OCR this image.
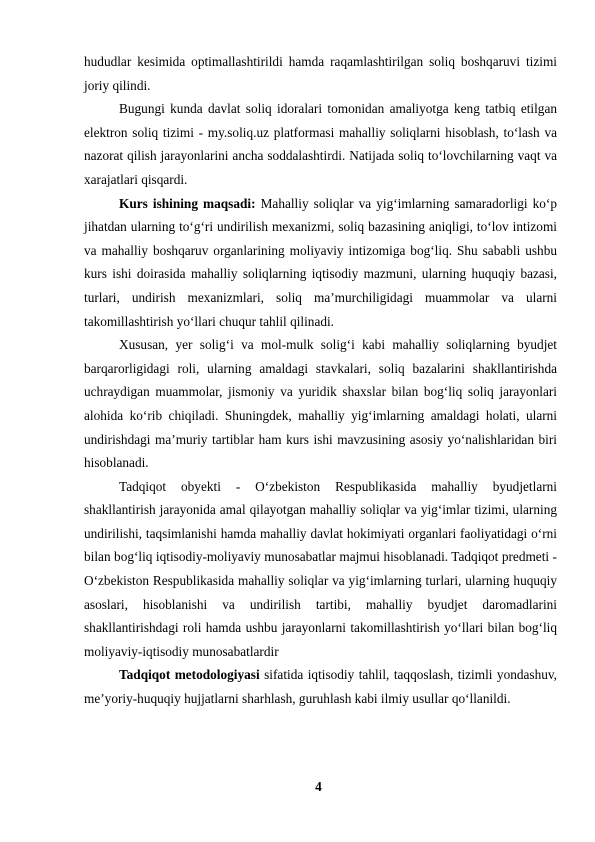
hududlar kesimida optimallashtirildi hamda raqamlashtirilgan soliq boshqaruvi tizimi joriy qilindi.

Bugungi kunda davlat soliq idoralari tomonidan amaliyotga keng tatbiq etilgan elektron soliq tizimi - my.soliq.uz platformasi mahalliy soliqlarni hisoblash, to‘lash va nazorat qilish jarayonlarini ancha soddalashtirdi. Natijada soliq to‘lovchilarning vaqt va xarajatlari qisqardi.

Kurs ishining maqsadi: Mahalliy soliqlar va yig‘imlarning samaradorligi ko‘p jihatdan ularning to‘g‘ri undirilish mexanizmi, soliq bazasining aniqligi, to‘lov intizomi va mahalliy boshqaruv organlarining moliyaviy intizomiga bog‘liq. Shu sababli ushbu kurs ishi doirasida mahalliy soliqlarning iqtisodiy mazmuni, ularning huquqiy bazasi, turlari, undirish mexanizmlari, soliq ma’murchiligidagi muammolar va ularni takomillashtirish yo‘llari chuqur tahlil qilinadi.

Xususan, yer solig‘i va mol-mulk solig‘i kabi mahalliy soliqlarning byudjet barqarorligidagi roli, ularning amaldagi stavkalari, soliq bazalarini shakllantirishda uchraydigan muammolar, jismoniy va yuridik shaxslar bilan bog‘liq soliq jarayonlari alohida ko‘rib chiqiladi. Shuningdek, mahalliy yig‘imlarning amaldagi holati, ularni undirishdagi ma’muriy tartiblar ham kurs ishi mavzusining asosiy yo‘nalishlaridan biri hisoblanadi.

Tadqiqot obyekti - O‘zbekiston Respublikasida mahalliy byudjetlarni shakllantirish jarayonida amal qilayotgan mahalliy soliqlar va yig‘imlar tizimi, ularning undirilishi, taqsimlanishi hamda mahalliy davlat hokimiyati organlari faoliyatidagi o‘rni bilan bog‘liq iqtisodiy-moliyaviy munosabatlar majmui hisoblanadi. Tadqiqot predmeti - O‘zbekiston Respublikasida mahalliy soliqlar va yig‘imlarning turlari, ularning huquqiy asoslari, hisoblanishi va undirilish tartibi, mahalliy byudjet daromadlarini shakllantirishdagi roli hamda ushbu jarayonlarni takomillashtirish yo‘llari bilan bog‘liq moliyaviy-iqtisodiy munosabatlardir

Tadqiqot metodologiyasi sifatida iqtisodiy tahlil, taqqoslash, tizimli yondashuv, me’yoriy-huquqiy hujjatlarni sharhlash, guruhlash kabi ilmiy usullar qo‘llanildi.

4
